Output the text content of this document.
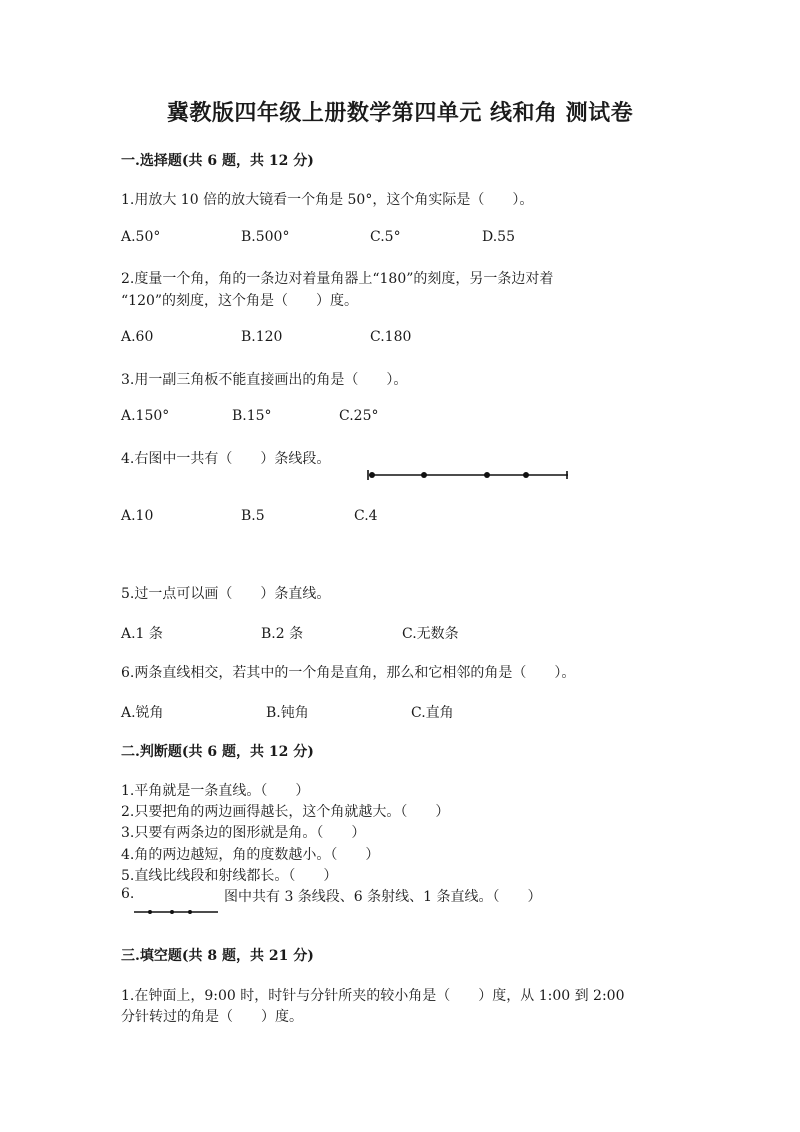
冀教版四年级上册数学第四单元 线和角 测试卷
一.选择题(共 6 题，共 12 分)
1.用放大 10 倍的放大镜看一个角是 50°，这个角实际是（　　）。
A.50°	B.500°	C.5°	D.55
2.度量一个角，角的一条边对着量角器上“180”的刻度，另一条边对着
“120”的刻度，这个角是（　　）度。
A.60	B.120	C.180
3.用一副三角板不能直接画出的角是（　　）。
A.150°	B.15°	C.25°
4.右图中一共有（　　）条线段。
A.10	B.5	C.4
5.过一点可以画（　　）条直线。
A.1 条	B.2 条	C.无数条
6.两条直线相交，若其中的一个角是直角，那么和它相邻的角是（　　）。
A.锐角	B.钝角	C.直角
二.判断题(共 6 题，共 12 分)
1.平角就是一条直线。（　　）
2.只要把角的两边画得越长，这个角就越大。（　　）
3.只要有两条边的图形就是角。（　　）
4.角的两边越短，角的度数越小。（　　）
5.直线比线段和射线都长。（　　）
6.	图中共有 3 条线段、6 条射线、1 条直线。（　　）
三.填空题(共 8 题，共 21 分)
1.在钟面上，9:00 时，时针与分针所夹的较小角是（　　）度，从 1:00 到 2:00
分针转过的角是（　　）度。
